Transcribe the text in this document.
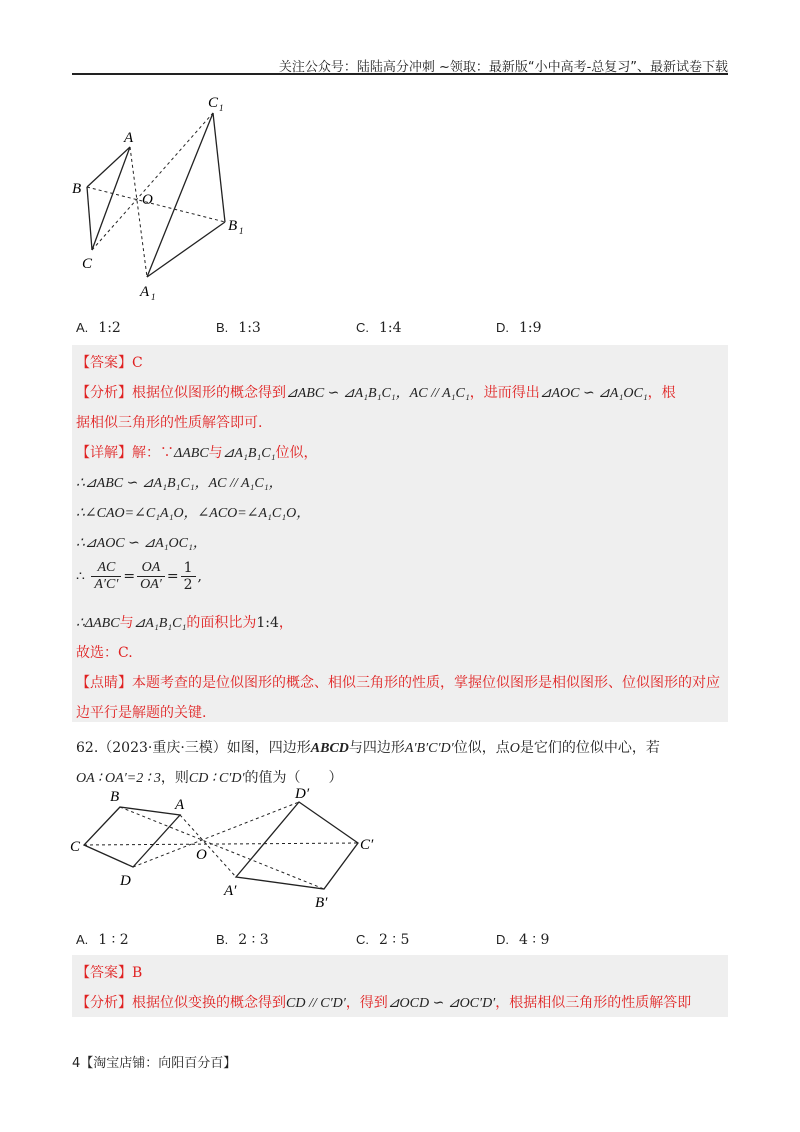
关注公众号：陆陆高分冲刺 ~领取：最新版“小中高考-总复习”、最新试卷下载
A
B
C
O
C 1
B 1
A 1
A. 1:2	B. 1:3	C. 1:4	D. 1:9
【答案】C
【分析】根据位似图形的概念得到⊿ABC ∽ ⊿A₁B₁C₁，AC // A₁C₁，进而得出⊿AOC ∽ ⊿A₁OC₁，根
据相似三角形的性质解答即可.
【详解】解：∵ΔABC与⊿A₁B₁C₁位似，
∴⊿ABC ∽ ⊿A₁B₁C₁，AC // A₁C₁，
∴∠CAO=∠C₁A₁O，∠ACO=∠A₁C₁O，
∴⊿AOC ∽ ⊿A₁OC₁，
∴ $\frac{AC}{A'C'} = \frac{OA}{OA'} = \frac{1}{2}$ ,
∴ΔABC与⊿A₁B₁C₁的面积比为1:4，
故选：C.
【点睛】本题考查的是位似图形的概念、相似三角形的性质，掌握位似图形是相似图形、位似图形的对应
边平行是解题的关键.
62.（2023·重庆·三模）如图，四边形ABCD与四边形A′B′C′D′位似，点O是它们的位似中心，若
OA ∶ OA′=2 ∶ 3，则CD ∶ C′D′的值为（　　）
B	A
C
D
O
D′
C′
B′
A′
A. 1 ∶ 2	B. 2 ∶ 3	C. 2 ∶ 5	D. 4 ∶ 9
【答案】B
【分析】根据位似变换的概念得到CD // C′D′，得到⊿OCD ∽ ⊿OC′D′，根据相似三角形的性质解答即
4【淘宝店铺：向阳百分百】
